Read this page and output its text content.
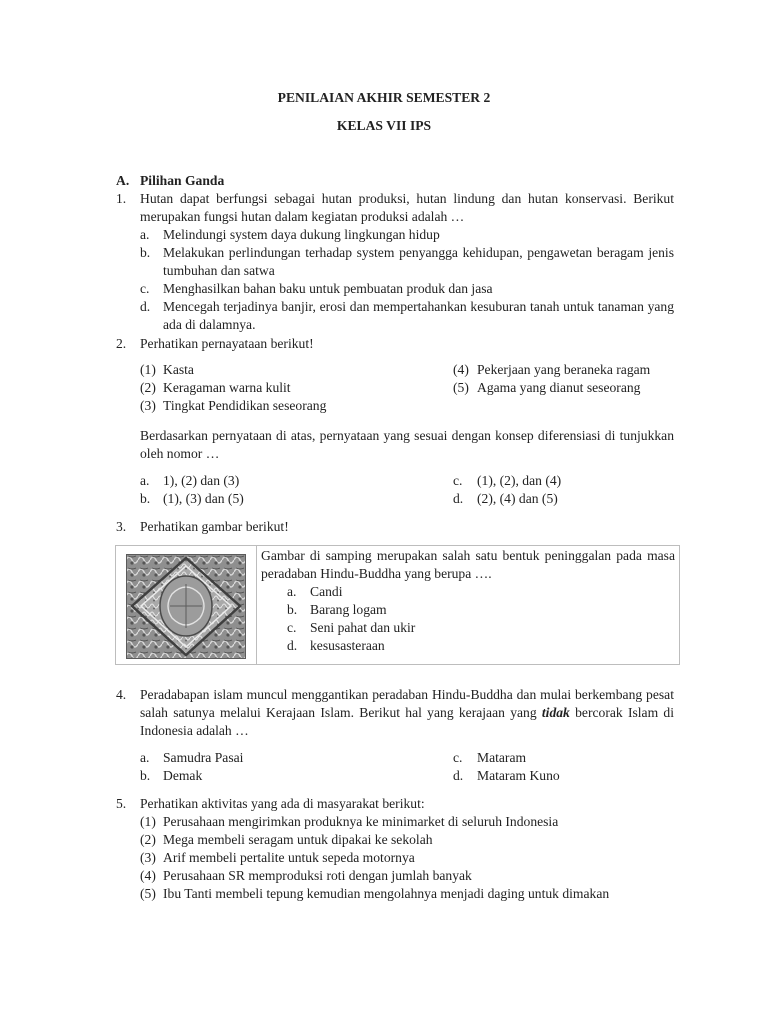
PENILAIAN AKHIR SEMESTER 2
KELAS VII IPS
A. Pilihan Ganda
1. Hutan dapat berfungsi sebagai hutan produksi, hutan lindung dan hutan konservasi. Berikut merupakan fungsi hutan dalam kegiatan produksi adalah …
a. Melindungi system daya dukung lingkungan hidup
b. Melakukan perlindungan terhadap system penyangga kehidupan, pengawetan beragam jenis tumbuhan dan satwa
c. Menghasilkan bahan baku untuk pembuatan produk dan jasa
d. Mencegah terjadinya banjir, erosi dan mempertahankan kesuburan tanah untuk tanaman yang ada di dalamnya.
2. Perhatikan pernayataan berikut!
(1) Kasta
(2) Keragaman warna kulit
(3) Tingkat Pendidikan seseorang
(4) Pekerjaan yang beraneka ragam
(5) Agama yang dianut seseorang
Berdasarkan pernyataan di atas, pernyataan yang sesuai dengan konsep diferensiasi di tunjukkan oleh nomor …
a. 1), (2) dan (3)
b. (1), (3) dan (5)
c. (1), (2), dan (4)
d. (2), (4) dan (5)
3. Perhatikan gambar berikut!
Gambar di samping merupakan salah satu bentuk peninggalan pada masa peradaban Hindu-Buddha yang berupa ….
a. Candi
b. Barang logam
c. Seni pahat dan ukir
d. kesusasteraan
4. Peradabapan islam muncul menggantikan peradaban Hindu-Buddha dan mulai berkembang pesat salah satunya melalui Kerajaan Islam. Berikut hal yang kerajaan yang tidak bercorak Islam di Indonesia adalah …
a. Samudra Pasai
b. Demak
c. Mataram
d. Mataram Kuno
5. Perhatikan aktivitas yang ada di masyarakat berikut:
(1) Perusahaan mengirimkan produknya ke minimarket di seluruh Indonesia
(2) Mega membeli seragam untuk dipakai ke sekolah
(3) Arif membeli pertalite untuk sepeda motornya
(4) Perusahaan SR memproduksi roti dengan jumlah banyak
(5) Ibu Tanti membeli tepung kemudian mengolahnya menjadi daging untuk dimakan
